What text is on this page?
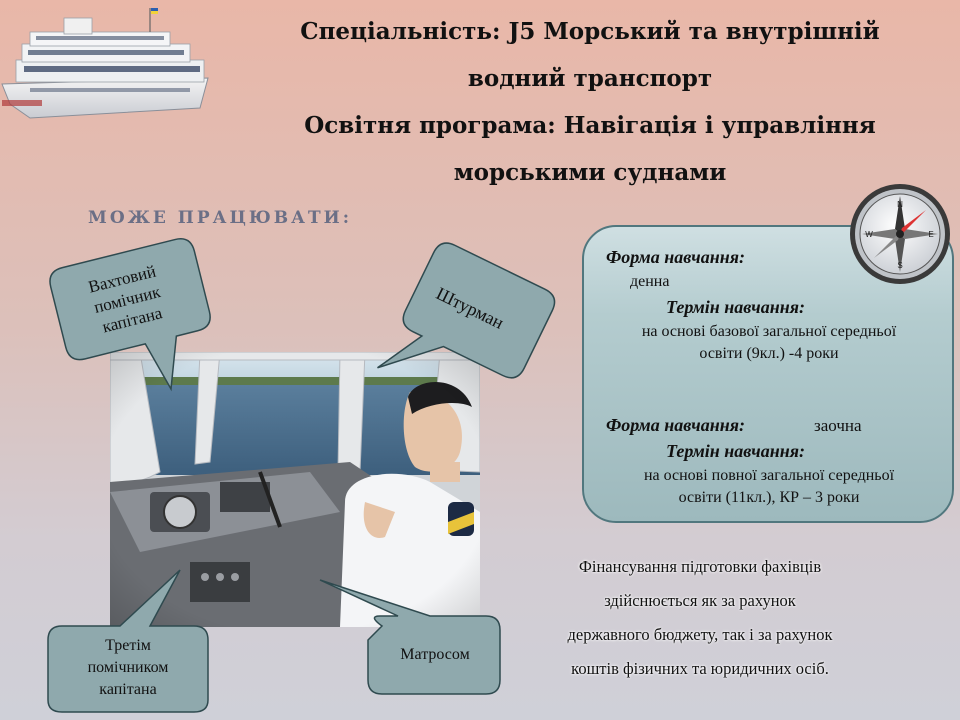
Спеціальність: J5 Морський та внутрішній
водний транспорт
Освітня програма: Навігація і управління
морськими суднами
МОЖЕ ПРАЦЮВАТИ:
Вахтовий помічник капітана	Штурман
Третім помічником капітана
Матросом
Форма навчання:
денна
Термін навчання:
на основі базової загальної середньої
освіти (9кл.) -4 роки
Форма навчання:	заочна
Термін навчання:
на основі повної загальної середньої
освіти (11кл.), КР – 3 роки
N
S
E
W
Фінансування підготовки фахівців
здійснюється як за рахунок
державного бюджету, так і за рахунок
коштів фізичних та юридичних осіб.
